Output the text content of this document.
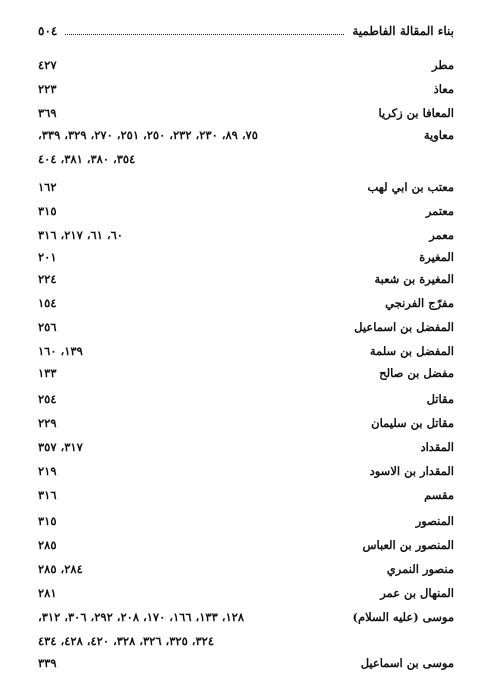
بناء المقالة الفاطمية
٥٠٤
مطر
٤٢٧
معاذ
٢٢٣
المعافا بن زكريا
٣٦٩
معاوية
٧٥، ٨٩، ٢٣٠، ٢٣٢، ٢٥٠، ٢٥١، ٢٧٠، ٣٢٩، ٣٣٩،
٣٥٤، ٣٨٠، ٣٨١، ٤٠٤
معتب بن ابي لهب
١٦٢
معتمر
٣١٥
معمر
٦٠، ٦١، ٢١٧، ٣١٦
المغيرة
٢٠١
المغيرة بن شعبة
٢٢٤
مفرّج الفرنجي
١٥٤
المفضل بن اسماعيل
٢٥٦
المفضل بن سلمة
١٣٩، ١٦٠
مفضل بن صالح
١٣٣
مقاتل
٢٥٤
مقاتل بن سليمان
٢٢٩
المقداد
٣١٧، ٣٥٧
المقدار بن الاسود
٢١٩
مقسم
٣١٦
المنصور
٣١٥
المنصور بن العباس
٢٨٥
منصور النمري
٢٨٤، ٢٨٥
المنهال بن عمر
٢٨١
موسى (عليه السلام)
١٢٨، ١٣٣، ١٦٦، ١٧٠، ٢٠٨، ٢٩٢، ٣٠٦، ٣١٢،
٣٢٤، ٣٢٥، ٣٢٦، ٣٢٨، ٤٢٠، ٤٢٨، ٤٣٤
موسى بن اسماعيل
٣٣٩
